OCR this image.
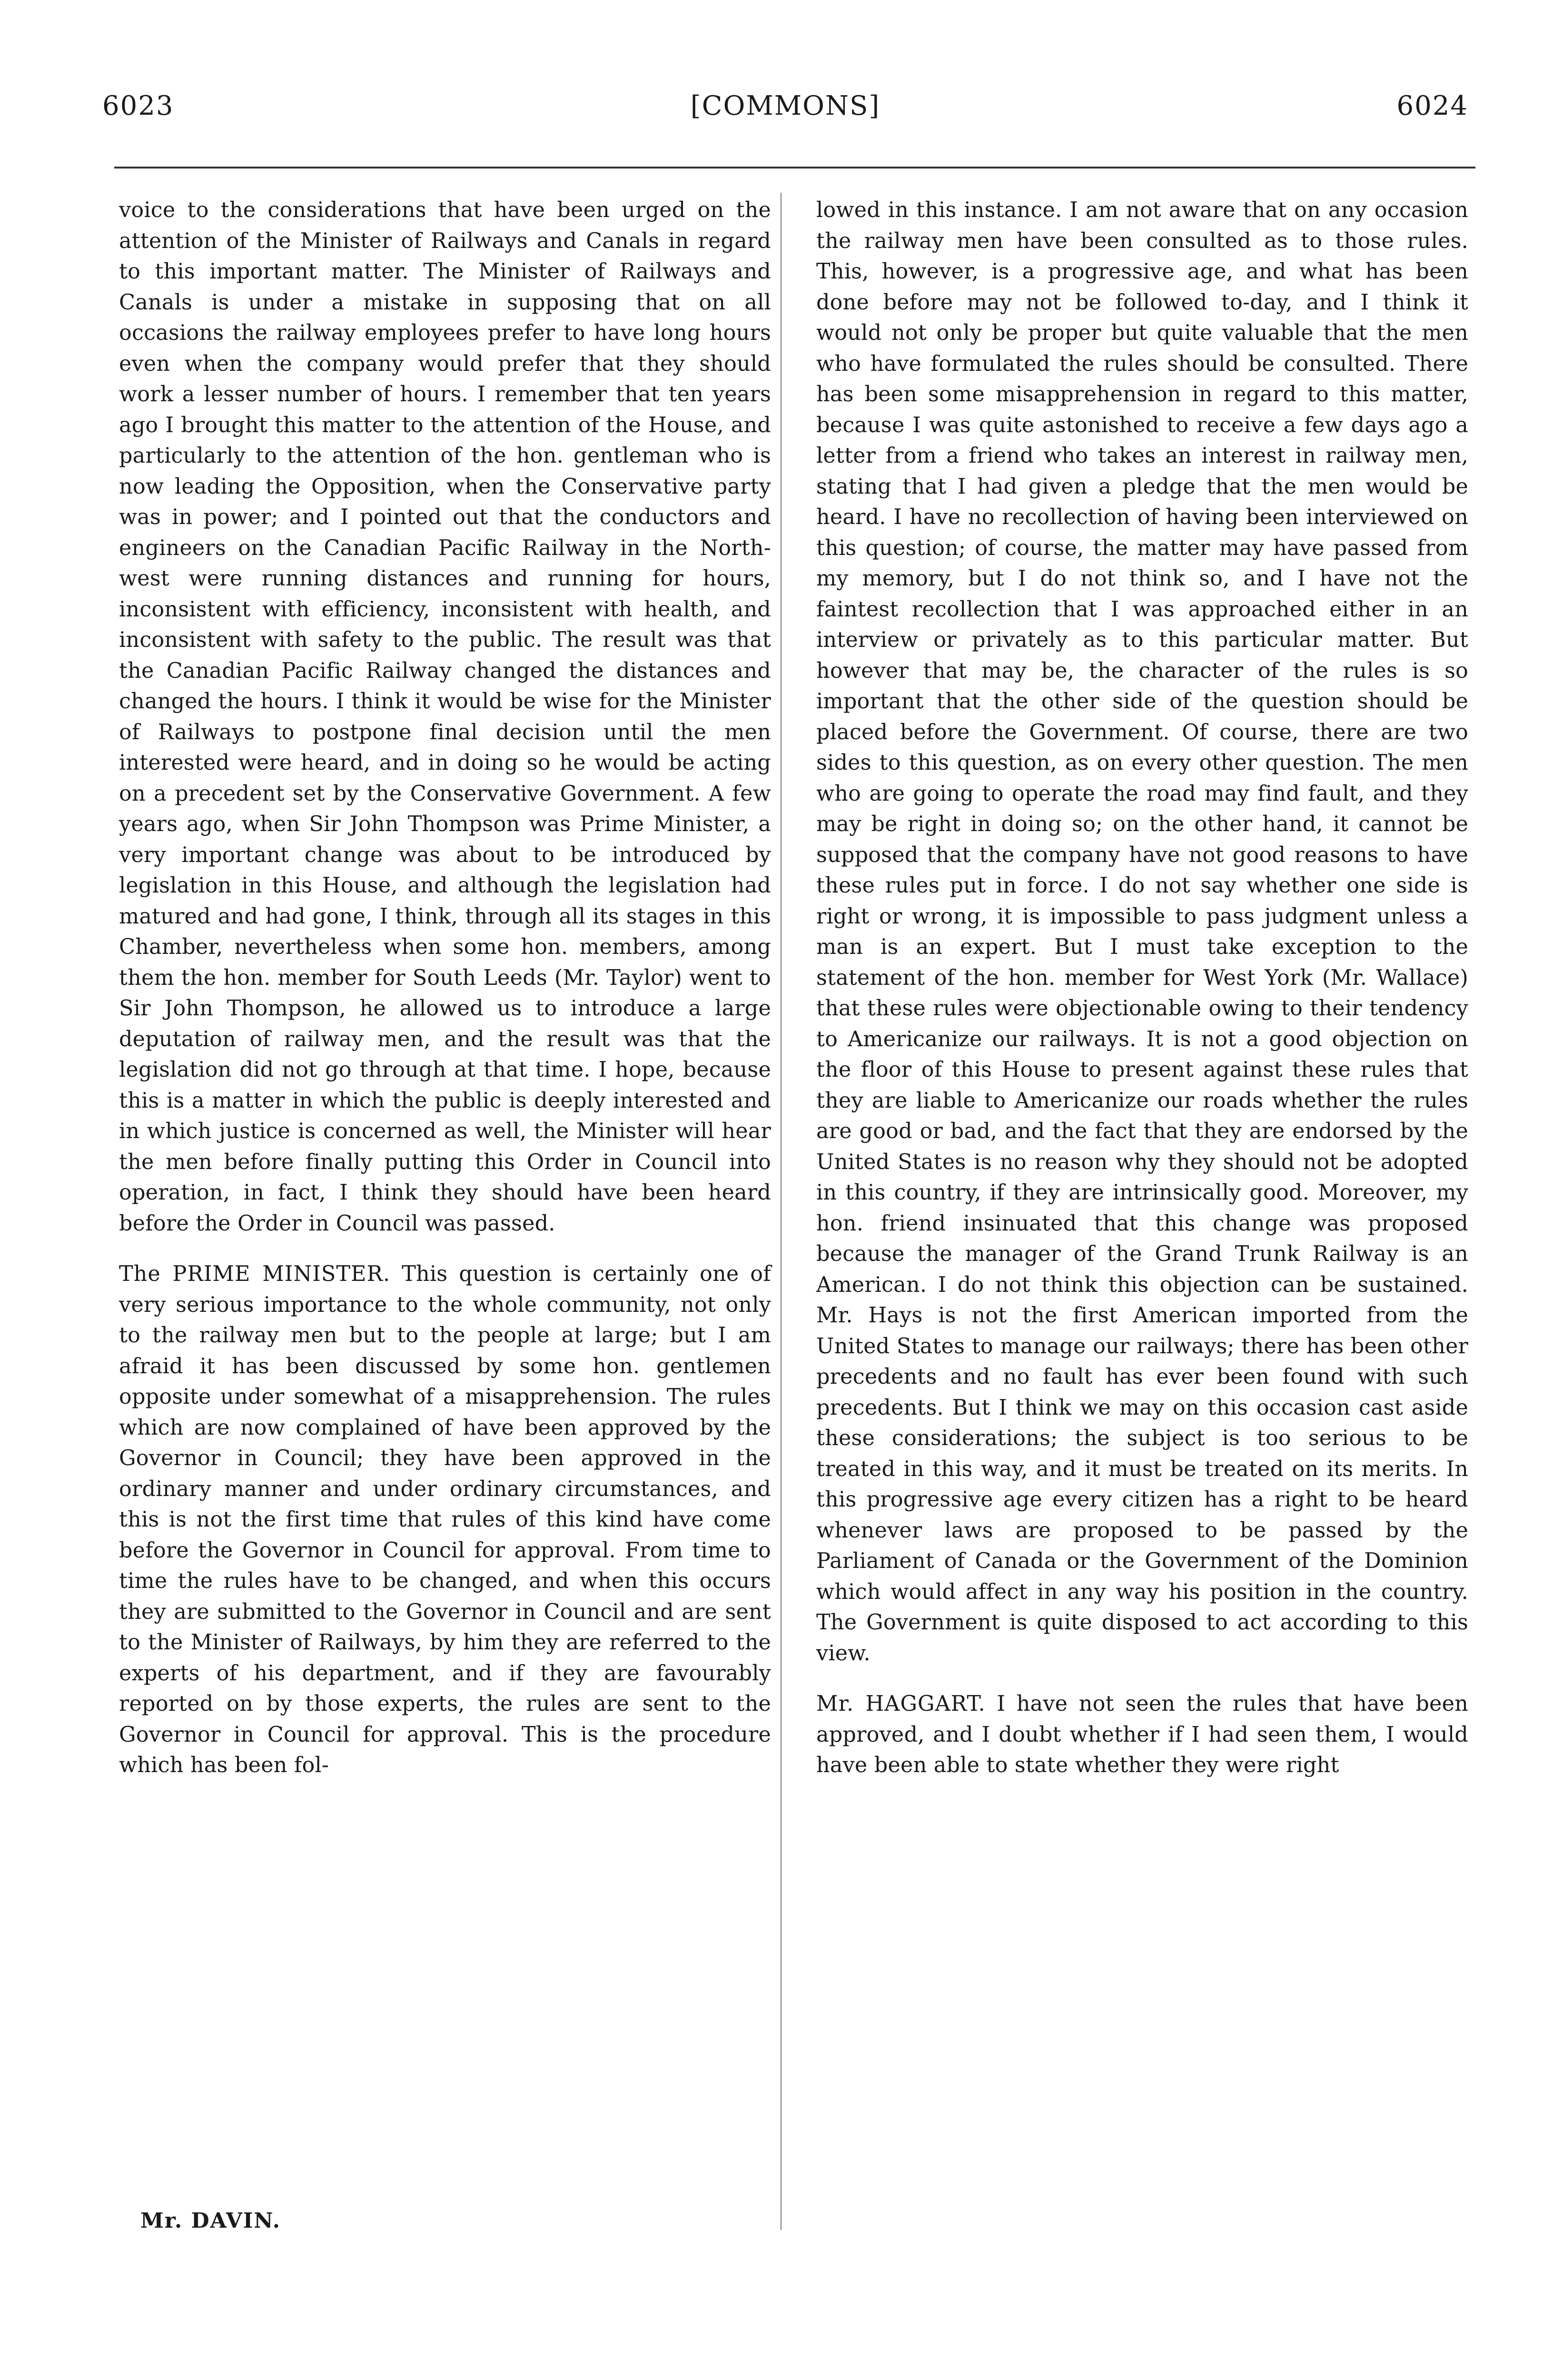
6023	[COMMONS]	6024

voice to the considerations that have been urged on the attention of the Minister of Railways and Canals in regard to this important matter. The Minister of Railways and Canals is under a mistake in supposing that on all occasions the railway employees prefer to have long hours even when the company would prefer that they should work a lesser number of hours. I remember that ten years ago I brought this matter to the attention of the House, and particularly to the attention of the hon. gentleman who is now leading the Opposition, when the Conservative party was in power; and I pointed out that the conductors and engineers on the Canadian Pacific Railway in the North-west were running distances and running for hours, inconsistent with efficiency, inconsistent with health, and inconsistent with safety to the public. The result was that the Canadian Pacific Railway changed the distances and changed the hours. I think it would be wise for the Minister of Railways to postpone final decision until the men interested were heard, and in doing so he would be acting on a precedent set by the Conservative Government. A few years ago, when Sir John Thompson was Prime Minister, a very important change was about to be introduced by legislation in this House, and although the legislation had matured and had gone, I think, through all its stages in this Chamber, nevertheless when some hon. members, among them the hon. member for South Leeds (Mr. Taylor) went to Sir John Thompson, he allowed us to introduce a large deputation of railway men, and the result was that the legislation did not go through at that time. I hope, because this is a matter in which the public is deeply interested and in which justice is concerned as well, the Minister will hear the men before finally putting this Order in Council into operation, in fact, I think they should have been heard before the Order in Council was passed.

The PRIME MINISTER. This question is certainly one of very serious importance to the whole community, not only to the railway men but to the people at large; but I am afraid it has been discussed by some hon. gentlemen opposite under somewhat of a misapprehension. The rules which are now complained of have been approved by the Governor in Council; they have been approved in the ordinary manner and under ordinary circumstances, and this is not the first time that rules of this kind have come before the Governor in Council for approval. From time to time the rules have to be changed, and when this occurs they are submitted to the Governor in Council and are sent to the Minister of Railways, by him they are referred to the experts of his department, and if they are favourably reported on by those experts, the rules are sent to the Governor in Council for approval. This is the procedure which has been fol-

lowed in this instance. I am not aware that on any occasion the railway men have been consulted as to those rules. This, however, is a progressive age, and what has been done before may not be followed to-day, and I think it would not only be proper but quite valuable that the men who have formulated the rules should be consulted. There has been some misapprehension in regard to this matter, because I was quite astonished to receive a few days ago a letter from a friend who takes an interest in railway men, stating that I had given a pledge that the men would be heard. I have no recollection of having been interviewed on this question; of course, the matter may have passed from my memory, but I do not think so, and I have not the faintest recollection that I was approached either in an interview or privately as to this particular matter. But however that may be, the character of the rules is so important that the other side of the question should be placed before the Government. Of course, there are two sides to this question, as on every other question. The men who are going to operate the road may find fault, and they may be right in doing so; on the other hand, it cannot be supposed that the company have not good reasons to have these rules put in force. I do not say whether one side is right or wrong, it is impossible to pass judgment unless a man is an expert. But I must take exception to the statement of the hon. member for West York (Mr. Wallace) that these rules were objectionable owing to their tendency to Americanize our railways. It is not a good objection on the floor of this House to present against these rules that they are liable to Americanize our roads whether the rules are good or bad, and the fact that they are endorsed by the United States is no reason why they should not be adopted in this country, if they are intrinsically good. Moreover, my hon. friend insinuated that this change was proposed because the manager of the Grand Trunk Railway is an American. I do not think this objection can be sustained. Mr. Hays is not the first American imported from the United States to manage our railways; there has been other precedents and no fault has ever been found with such precedents. But I think we may on this occasion cast aside these considerations; the subject is too serious to be treated in this way, and it must be treated on its merits. In this progressive age every citizen has a right to be heard whenever laws are proposed to be passed by the Parliament of Canada or the Government of the Dominion which would affect in any way his position in the country. The Government is quite disposed to act according to this view.

Mr. HAGGART. I have not seen the rules that have been approved, and I doubt whether if I had seen them, I would have been able to state whether they were right

Mr. DAVIN.
